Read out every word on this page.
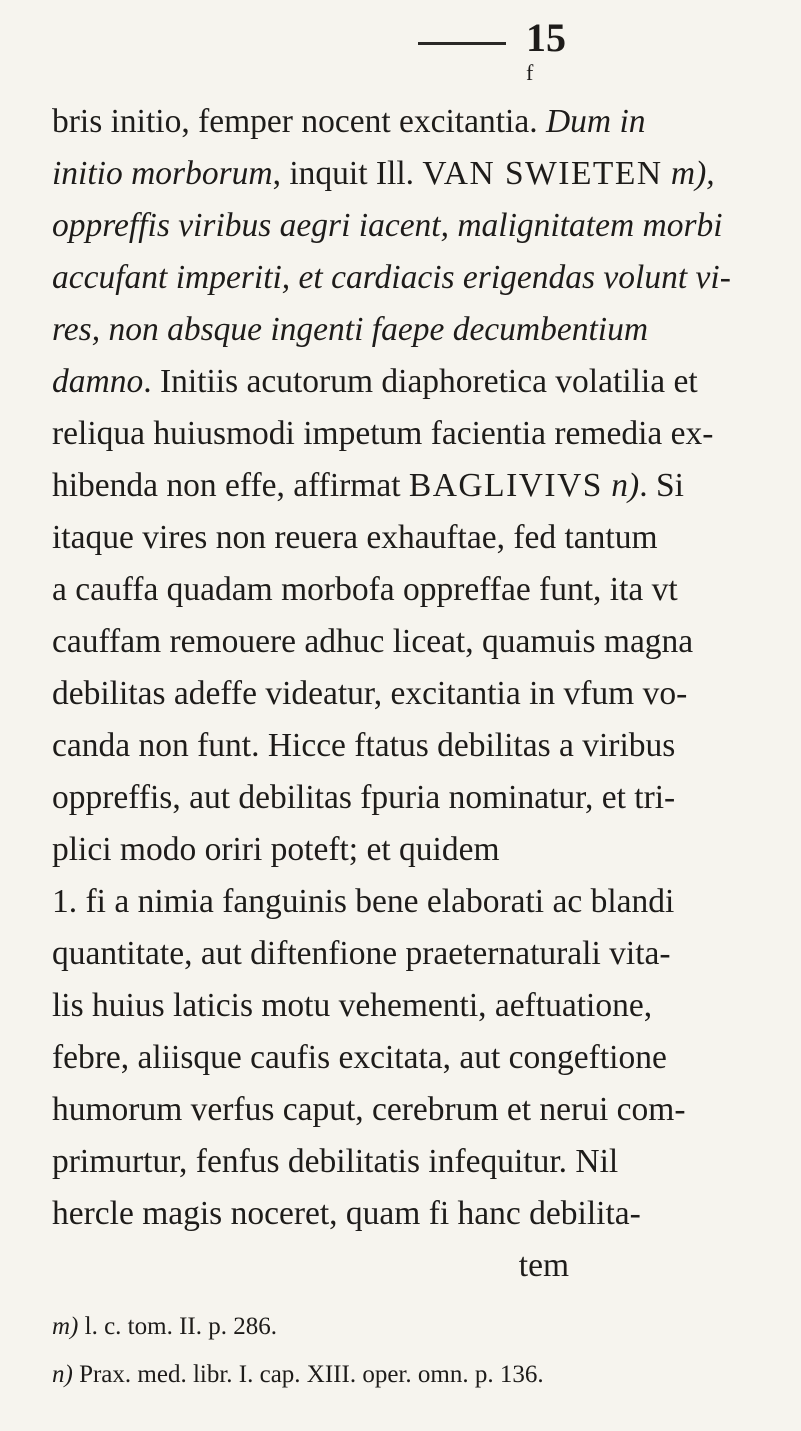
15
f
bris initio, femper nocent excitantia. Dum in
initio morborum, inquit Ill. VAN SWIETEN m),
oppreffis viribus aegri iacent, malignitatem morbi
accufant imperiti, et cardiacis erigendas volunt vi-
res, non absque ingenti faepe decumbentium
damno. Initiis acutorum diaphoretica volatilia et
reliqua huiusmodi impetum facientia remedia ex-
hibenda non effe, affirmat BAGLIVIVS n). Si
itaque vires non reuera exhauftae, fed tantum
a cauffa quadam morbofa oppreffae funt, ita vt
cauffam remouere adhuc liceat, quamuis magna
debilitas adeffe videatur, excitantia in vfum vo-
canda non funt. Hicce ftatus debilitas a viribus
oppreffis, aut debilitas fpuria nominatur, et tri-
plici modo oriri poteft; et quidem
1. fi a nimia fanguinis bene elaborati ac blandi
quantitate, aut diftenfione praeternaturali vita-
lis huius laticis motu vehementi, aeftuatione,
febre, aliisque caufis excitata, aut congeftione
humorum verfus caput, cerebrum et nerui com-
primurtur, fenfus debilitatis infequitur. Nil
hercle magis noceret, quam fi hanc debilita-
tem
m) l. c. tom. II. p. 286.
n) Prax. med. libr. I. cap. XIII. oper. omn. p. 136.
